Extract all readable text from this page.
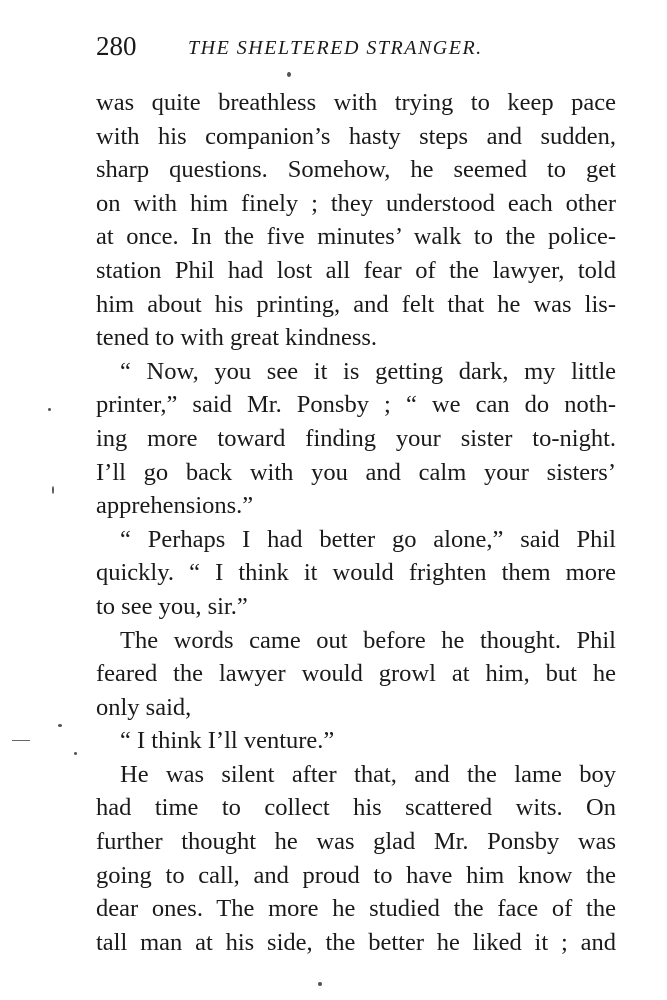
280	THE SHELTERED STRANGER.
was quite breathless with trying to keep pace
with his companion’s hasty steps and sudden,
sharp questions. Somehow, he seemed to get
on with him finely ; they understood each other
at once. In the five minutes’ walk to the police-
station Phil had lost all fear of the lawyer, told
him about his printing, and felt that he was lis-
tened to with great kindness.
“ Now, you see it is getting dark, my little
printer,” said Mr. Ponsby ; “ we can do noth-
ing more toward finding your sister to-night.
I’ll go back with you and calm your sisters’
apprehensions.”
“ Perhaps I had better go alone,” said Phil
quickly. “ I think it would frighten them more
to see you, sir.”
The words came out before he thought. Phil
feared the lawyer would growl at him, but he
only said,
“ I think I’ll venture.”
He was silent after that, and the lame boy
had time to collect his scattered wits. On
further thought he was glad Mr. Ponsby was
going to call, and proud to have him know the
dear ones. The more he studied the face of the
tall man at his side, the better he liked it ; and
